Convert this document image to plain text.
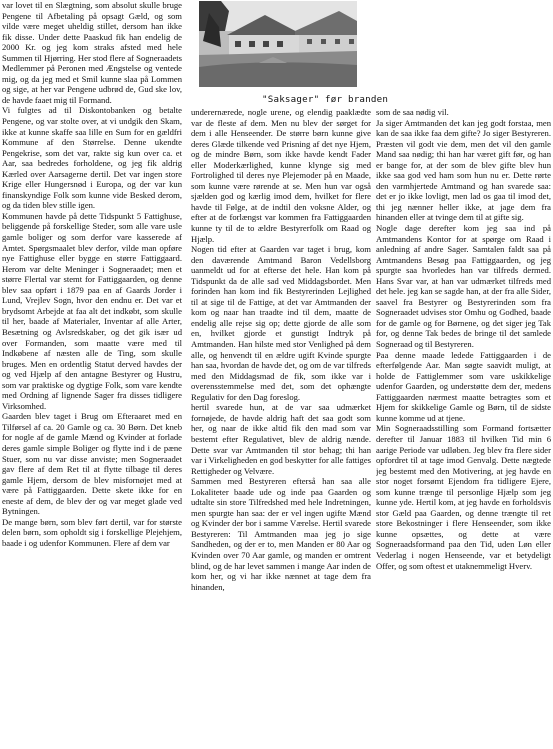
var lovet til en Slægtning, som absolut skulle bruge Pengene til Afbetaling på opsagt Gæld, og som vilde være meget uheldig stillet, dersom han ikke fik disse. Under dette Paaskud fik han endelig de 2000 Kr. og jeg kom straks afsted med hele Summen til Hjørring. Her stod flere af Sogneraadets Medlemmer på Peronen med Ængstelse og ventede mig, og da jeg med et Smil kunne slaa på Lommen og sige, at her var Pengene udbrød de, Gud ske lov, de havde faaet mig til Formand.

Vi fulgtes ad til Diskontobanken og betalte Pengene, og var stolte over, at vi undgik den Skam, ikke at kunne skaffe saa lille en Sum for en gældfri Kommune af den Størrelse. Denne ukendte Pengekrise, som det var, rakte sig kun over ca. et Aar, saa bedredes forholdene, og jeg fik aldrig Kærled over Aarsagerne dertil. Det var ingen store Krige eller Hungersnød i Europa, og der var kun finanskyndige Folk som kunne vide Besked derom, og da tiden blev stille igen.

Kommunen havde på dette Tidspunkt 5 Fattighuse, beliggende på forskellige Steder, som alle vare usle gamle boliger og som derfor vare kasserede af Amtet. Spørgsmaalet blev derfor, vilde man opføre nye Fattighuse eller bygge en større Fattiggaard. Herom var delte Meninger i Sogneraadet; men et større Flertal var stemt for Fattiggaarden, og denne blev saa opført i 1879 paa en af Gaards Jorder i Lund, Vrejlev Sogn, hvor den endnu er. Det var et brydsomt Arbejde at faa alt det indkøbt, som skulle til her, baade af Materialer, Inventar af alle Arter, Besætning og Avlsredskaber, og det gik især ud over Formanden, som maatte være med til Indkøbene af næsten alle de Ting, som skulle bruges. Men en ordentlig Statut derved havdes der og ved Hjælp af den antagne Bestyrer og Hustru, som var praktiske og dygtige Folk, som vare kendte med Ordning af lignende Sager fra disses tidligere Virksomhed.

Gaarden blev taget i Brug om Efteraaret med en Tilførsel af ca. 20 Gamle og ca. 30 Børn. Det kneb for nogle af de gamle Mænd og Kvinder at forlade deres gamle simple Boliger og flytte ind i de pæne Stuer, som nu var disse anviste; men Sogneraadet gav flere af dem Ret til at flytte tilbage til deres gamle Hjem, dersom de blev misfornøjet med at være på Fattiggaarden. Dette skete ikke for en eneste af dem, de blev der og var meget glade ved Bytningen.

De mange børn, som blev ført dertil, var for største delen børn, som opholdt sig i forskellige Plejehjem, baade i og udenfor Kommunen. Flere af dem var

"Saksager" før branden

underernærede, nogle urene, og elendig paaklædte var de fleste af dem. Men nu blev der sørget for dem i alle Henseender. De større børn kunne give deres Glæde tilkende ved Prisning af det nye Hjem, og de mindre Børn, som ikke havde kendt Fader eller Moderkærlighed, kunne klynge sig med Fortrolighed til deres nye Plejemoder på en Maade, som kunne være rørende at se. Men hun var også sjælden god og kærlig imod dem, hvilket for flere havde til Følge, at de indtil den voksne Alder, og efter at de forlængst var kommen fra Fattiggaarden kunne ty til de to ældre Bestyrerfolk om Raad og Hjælp.

Nogen tid efter at Gaarden var taget i brug, kom den daværende Amtmand Baron Vedellsborg uanmeldt ud for at efterse det hele. Han kom på Tidspunkt da de alle sad ved Middagsbordet. Men forinden han kom ind fik Bestyrerinden Lejlighed til at sige til de Fattige, at det var Amtmanden der kom og naar han traadte ind til dem, maatte de endelig alle rejse sig op; dette gjorde de alle som en, hvilket gjorde et gunstigt Indtryk på Amtmanden. Han hilste med stor Venlighed på dem alle, og henvendt til en ældre ugift Kvinde spurgte han saa, hvordan de havde det, og om de var tilfreds med den Middagsmad de fik, som ikke var i overensstemmelse med det, som det ophængte Regulativ for den Dag foreslog.

hertil svarede hun, at de var saa udmærket fornøjede, de havde aldrig haft det saa godt som her, og naar de ikke altid fik den mad som var bestemt efter Regulativet, blev de aldrig nænde. Dette svar var Amtmanden til stor behag; thi han var i Virkeligheden en god beskytter for alle fattiges Rettigheder og Velvære.

Sammen med Bestyreren efterså han saa alle Lokaliteter baade ude og inde paa Gaarden og udtalte sin store Tilfredshed med hele Indretningen, men spurgte han saa: der er vel ingen ugifte Mænd og Kvinder der bor i samme Værelse. Hertil svarede Bestyreren: Til Amtmanden maa jeg jo sige Sandheden, og der er to, men Manden er 80 Aar og Kvinden over 70 Aar gamle, og manden er omtrent blind, og de har levet sammen i mange Aar inden de kom her, og vi har ikke nænnet at tage dem fra hinanden,

som de saa nødig vil.

Ja siger Amtmanden det kan jeg godt forstaa, men kan de saa ikke faa dem gifte? Jo siger Bestyreren. Præsten vil godt vie dem, men det vil den gamle Mand saa nødig; thi han har været gift før, og han er bange for, at der som de blev gifte blev hun ikke saa god ved ham som hun nu er. Dette rørte den varmhjertede Amtmand og han svarede saa: det er jo ikke lovligt, men lad os gaa til imod det, thi jeg nænner heller ikke, at jage dem fra hinanden eller at tvinge dem til at gifte sig.

Nogle dage derefter kom jeg saa ind på Amtmandens Kontor for at spørge om Raad i anledning af andre Sager. Samtalen faldt saa på Amtmandens Besøg paa Fattiggaarden, og jeg spurgte saa hvorledes han var tilfreds dermed. Hans Svar var, at han var udmærket tilfreds med det hele. jeg kan se sagde han, at der fra alle Sider, saavel fra Bestyrer og Bestyrerinden som fra Sogneraadet udvises stor Omhu og Godhed, baade for de gamle og for Børnene, og det siger jeg Tak for, og denne Tak bedes de bringe til det samlede Sogneraad og til Bestyreren.

Paa denne maade ledede Fattiggaarden i de efterfølgende Aar. Man søgte saavidt muligt, at holde de Fattiglemmer som vare uskikkelige udenfor Gaarden, og understøtte dem der, medens Fattiggaarden nærmest maatte betragtes som et Hjem for skikkelige Gamle og Børn, til de sidste kunne komme ud at tjene.

Min Sognerаadsstilling som Formand fortsætter derefter til Januar 1883 til hvilken Tid min 6 aarige Periode var udløben. Jeg blev fra flere sider opfordret til at tage imod Genvalg. Dette nægtede jeg bestemt med den Motivering, at jeg havde en stor noget forsømt Ejendom fra tidligere Ejere, som kunne trænge til personlige Hjælp som jeg kunne yde. Hertil kom, at jeg havde en forholdsvis stor Gæld paa Gaarden, og denne trængte til ret store Bekostninger i flere Henseender, som ikke kunne opsættes, og dette at være Sogneraadsformand paa den Tid, uden Løn eller Vederlag i nogen Henseende, var et betydeligt Offer, og som oftest et utaknemmeligt Hverv.
